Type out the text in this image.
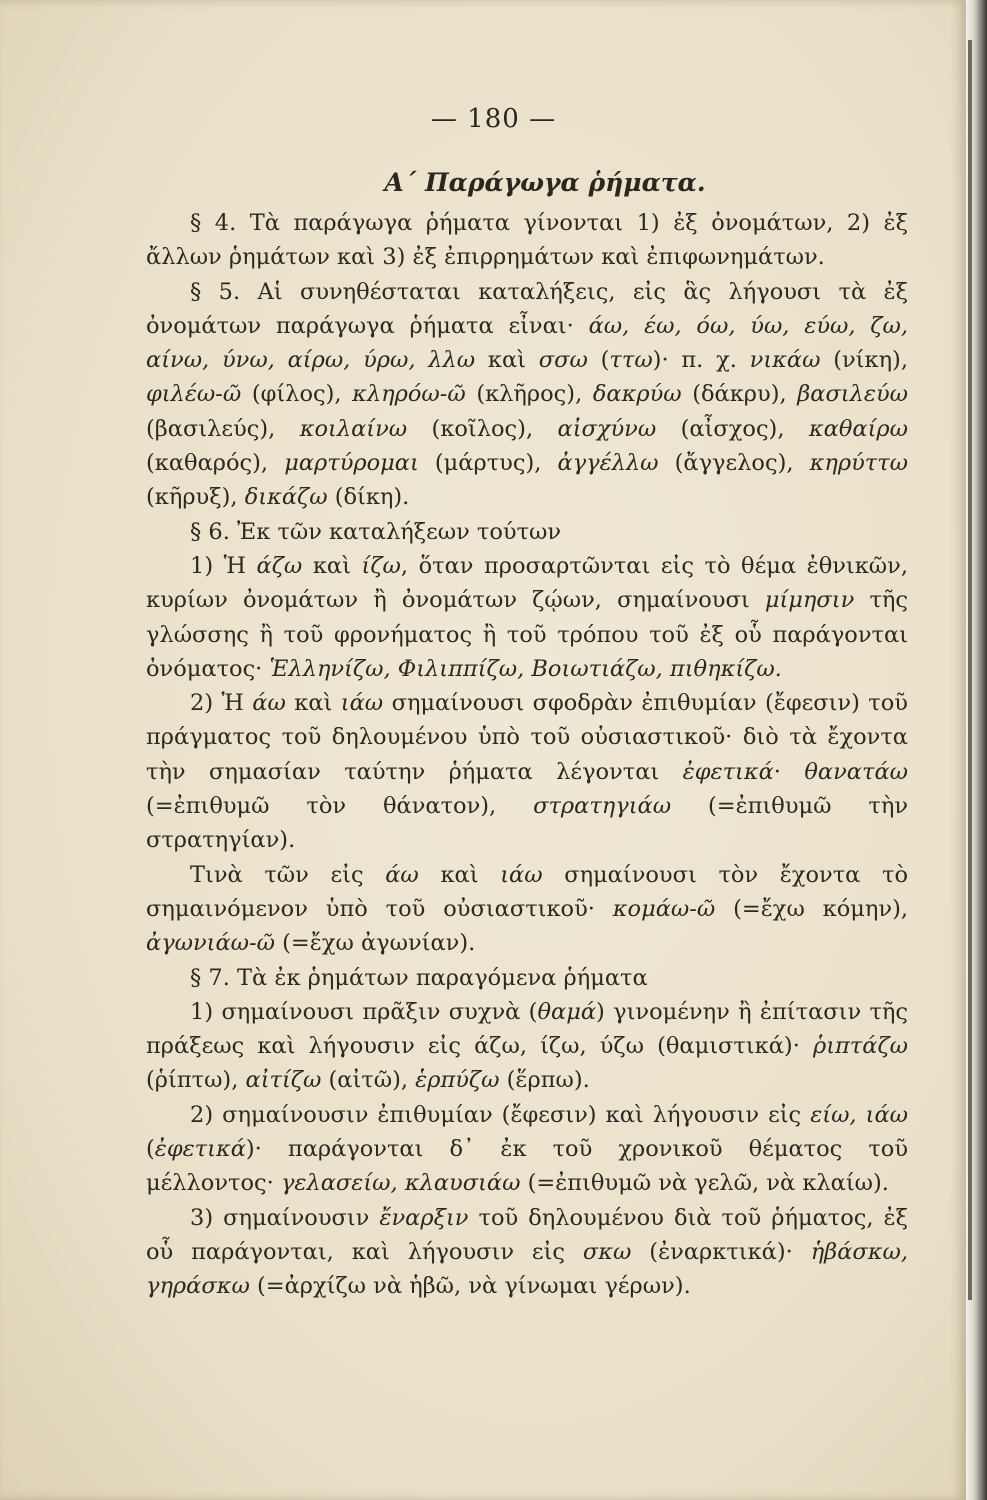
— 180 —
Α΄ Παράγωγα ῥήματα.

§ 4. Τὰ παράγωγα ῥήματα γίνονται 1) ἐξ ὀνομάτων, 2) ἐξ ἄλλων ῥημάτων καὶ 3) ἐξ ἐπιρρημάτων καὶ ἐπιφωνημάτων.

§ 5. Αἱ συνηθέσταται καταλήξεις, εἰς ἃς λήγουσι τὰ ἐξ ὀνομάτων παράγωγα ῥήματα εἶναι· άω, έω, όω, ύω, εύω, ζω, αίνω, ύνω, αίρω, ύρω, λλω καὶ σσω (ττω)· π. χ. νικάω (νίκη), φιλέω-ῶ (φίλος), κληρόω-ῶ (κλῆρος), δακρύω (δάκρυ), βασιλεύω (βασιλεύς), κοιλαίνω (κοῖλος), αἰσχύνω (αἶσχος), καθαίρω (καθαρός), μαρτύρομαι (μάρτυς), ἀγγέλλω (ἄγγελος), κηρύττω (κῆρυξ), δικάζω (δίκη).

§ 6. Ἐκ τῶν καταλήξεων τούτων

1) Ἡ άζω καὶ ίζω, ὅταν προσαρτῶνται εἰς τὸ θέμα ἐθνικῶν, κυρίων ὀνομάτων ἢ ὀνομάτων ζῴων, σημαίνουσι μίμησιν τῆς γλώσσης ἢ τοῦ φρονήματος ἢ τοῦ τρόπου τοῦ ἐξ οὗ παράγονται ὀνόματος· Ἑλληνίζω, Φιλιππίζω, Βοιωτιάζω, πιθηκίζω.

2) Ἡ άω καὶ ιάω σημαίνουσι σφοδρὰν ἐπιθυμίαν (ἔφεσιν) τοῦ πράγματος τοῦ δηλουμένου ὑπὸ τοῦ οὐσιαστικοῦ· διὸ τὰ ἔχοντα τὴν σημασίαν ταύτην ῥήματα λέγονται ἐφετικά· θανατάω (=ἐπιθυμῶ τὸν θάνατον), στρατηγιάω (=ἐπιθυμῶ τὴν στρατηγίαν).

Τινὰ τῶν εἰς άω καὶ ιάω σημαίνουσι τὸν ἔχοντα τὸ σημαινόμενον ὑπὸ τοῦ οὐσιαστικοῦ· κομάω-ῶ (=ἔχω κόμην), ἀγωνιάω-ῶ (=ἔχω ἀγωνίαν).

§ 7. Τὰ ἐκ ῥημάτων παραγόμενα ῥήματα

1) σημαίνουσι πρᾶξιν συχνὰ (θαμά) γινομένην ἢ ἐπίτασιν τῆς πράξεως καὶ λήγουσιν εἰς άζω, ίζω, ύζω (θαμιστικά)· ῥιπτάζω (ῥίπτω), αἰτίζω (αἰτῶ), ἑρπύζω (ἕρπω).

2) σημαίνουσιν ἐπιθυμίαν (ἔφεσιν) καὶ λήγουσιν εἰς είω, ιάω (ἐφετικά)· παράγονται δ᾽ ἐκ τοῦ χρονικοῦ θέματος τοῦ μέλλοντος· γελασείω, κλαυσιάω (=ἐπιθυμῶ νὰ γελῶ, νὰ κλαίω).

3) σημαίνουσιν ἔναρξιν τοῦ δηλουμένου διὰ τοῦ ῥήματος, ἐξ οὗ παράγονται, καὶ λήγουσιν εἰς σκω (ἐναρκτικά)· ἡβάσκω, γηράσκω (=ἀρχίζω νὰ ἡβῶ, νὰ γίνωμαι γέρων).
